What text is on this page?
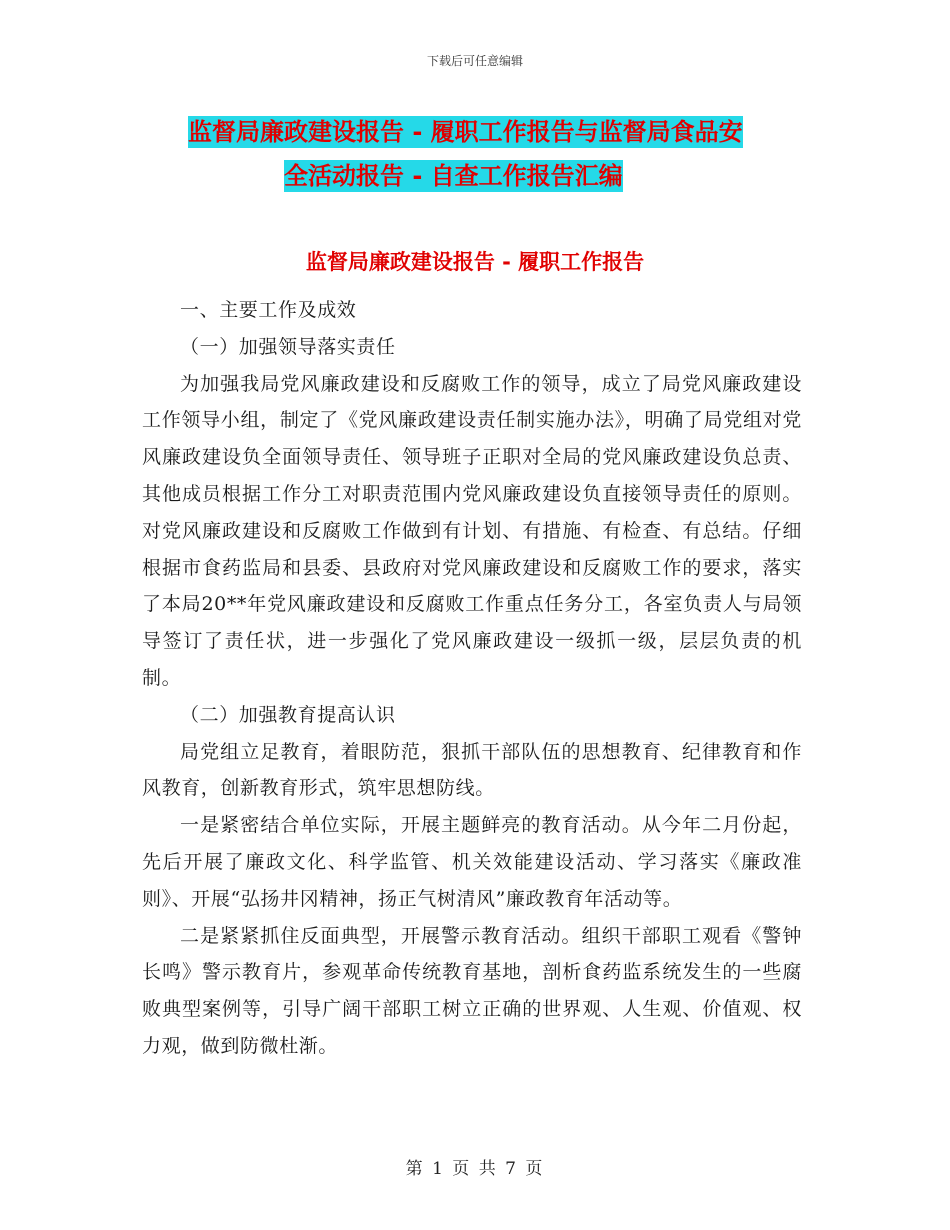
下载后可任意编辑
监督局廉政建设报告 - 履职工作报告与监督局食品安
全活动报告 - 自查工作报告汇编
监督局廉政建设报告 - 履职工作报告

一、主要工作及成效

（一）加强领导落实责任

为加强我局党风廉政建设和反腐败工作的领导，成立了局党风廉政建设工作领导小组，制定了《党风廉政建设责任制实施办法》，明确了局党组对党风廉政建设负全面领导责任、领导班子正职对全局的党风廉政建设负总责、其他成员根据工作分工对职责范围内党风廉政建设负直接领导责任的原则。对党风廉政建设和反腐败工作做到有计划、有措施、有检查、有总结。仔细根据市食药监局和县委、县政府对党风廉政建设和反腐败工作的要求，落实了本局20**年党风廉政建设和反腐败工作重点任务分工，各室负责人与局领导签订了责任状，进一步强化了党风廉政建设一级抓一级，层层负责的机制。

（二）加强教育提高认识

局党组立足教育，着眼防范，狠抓干部队伍的思想教育、纪律教育和作风教育，创新教育形式，筑牢思想防线。

一是紧密结合单位实际，开展主题鲜亮的教育活动。从今年二月份起，先后开展了廉政文化、科学监管、机关效能建设活动、学习落实《廉政准则》、开展“弘扬井冈精神，扬正气树清风”廉政教育年活动等。

二是紧紧抓住反面典型，开展警示教育活动。组织干部职工观看《警钟长鸣》警示教育片，参观革命传统教育基地，剖析食药监系统发生的一些腐败典型案例等，引导广阔干部职工树立正确的世界观、人生观、价值观、权力观，做到防微杜渐。

第 1 页 共 7 页
